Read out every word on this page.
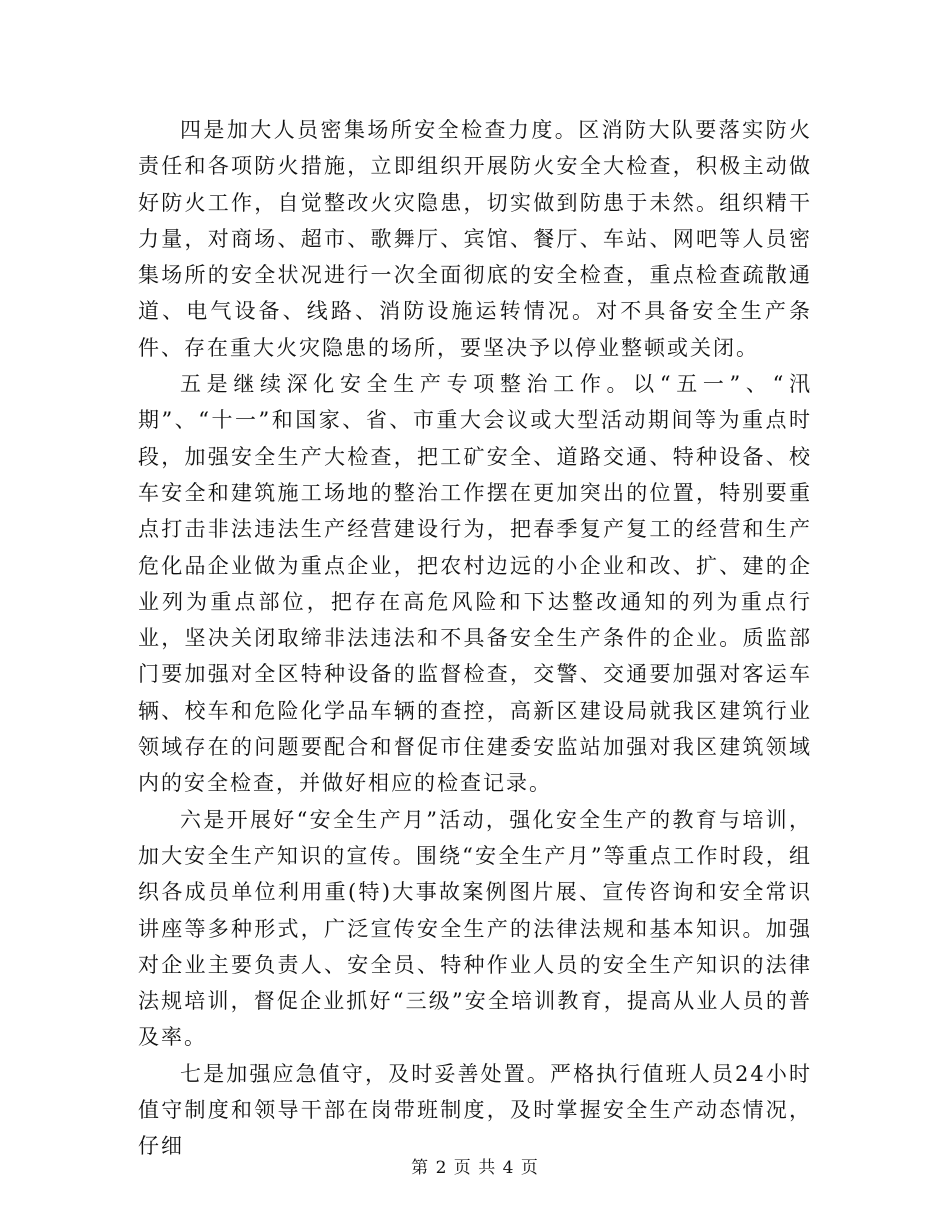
四是加大人员密集场所安全检查力度。区消防大队要落实防火责任和各项防火措施，立即组织开展防火安全大检查，积极主动做好防火工作，自觉整改火灾隐患，切实做到防患于未然。组织精干力量，对商场、超市、歌舞厅、宾馆、餐厅、车站、网吧等人员密集场所的安全状况进行一次全面彻底的安全检查，重点检查疏散通道、电气设备、线路、消防设施运转情况。对不具备安全生产条件、存在重大火灾隐患的场所，要坚决予以停业整顿或关闭。

五是继续深化安全生产专项整治工作。以“五一”、“汛期”、“十一”和国家、省、市重大会议或大型活动期间等为重点时段，加强安全生产大检查，把工矿安全、道路交通、特种设备、校车安全和建筑施工场地的整治工作摆在更加突出的位置，特别要重点打击非法违法生产经营建设行为，把春季复产复工的经营和生产危化品企业做为重点企业，把农村边远的小企业和改、扩、建的企业列为重点部位，把存在高危风险和下达整改通知的列为重点行业，坚决关闭取缔非法违法和不具备安全生产条件的企业。质监部门要加强对全区特种设备的监督检查，交警、交通要加强对客运车辆、校车和危险化学品车辆的查控，高新区建设局就我区建筑行业领域存在的问题要配合和督促市住建委安监站加强对我区建筑领域内的安全检查，并做好相应的检查记录。

六是开展好“安全生产月”活动，强化安全生产的教育与培训，加大安全生产知识的宣传。围绕“安全生产月”等重点工作时段，组织各成员单位利用重(特)大事故案例图片展、宣传咨询和安全常识讲座等多种形式，广泛宣传安全生产的法律法规和基本知识。加强对企业主要负责人、安全员、特种作业人员的安全生产知识的法律法规培训，督促企业抓好“三级”安全培训教育，提高从业人员的普及率。

七是加强应急值守，及时妥善处置。严格执行值班人员24小时值守制度和领导干部在岗带班制度，及时掌握安全生产动态情况，仔细

第 2 页 共 4 页
